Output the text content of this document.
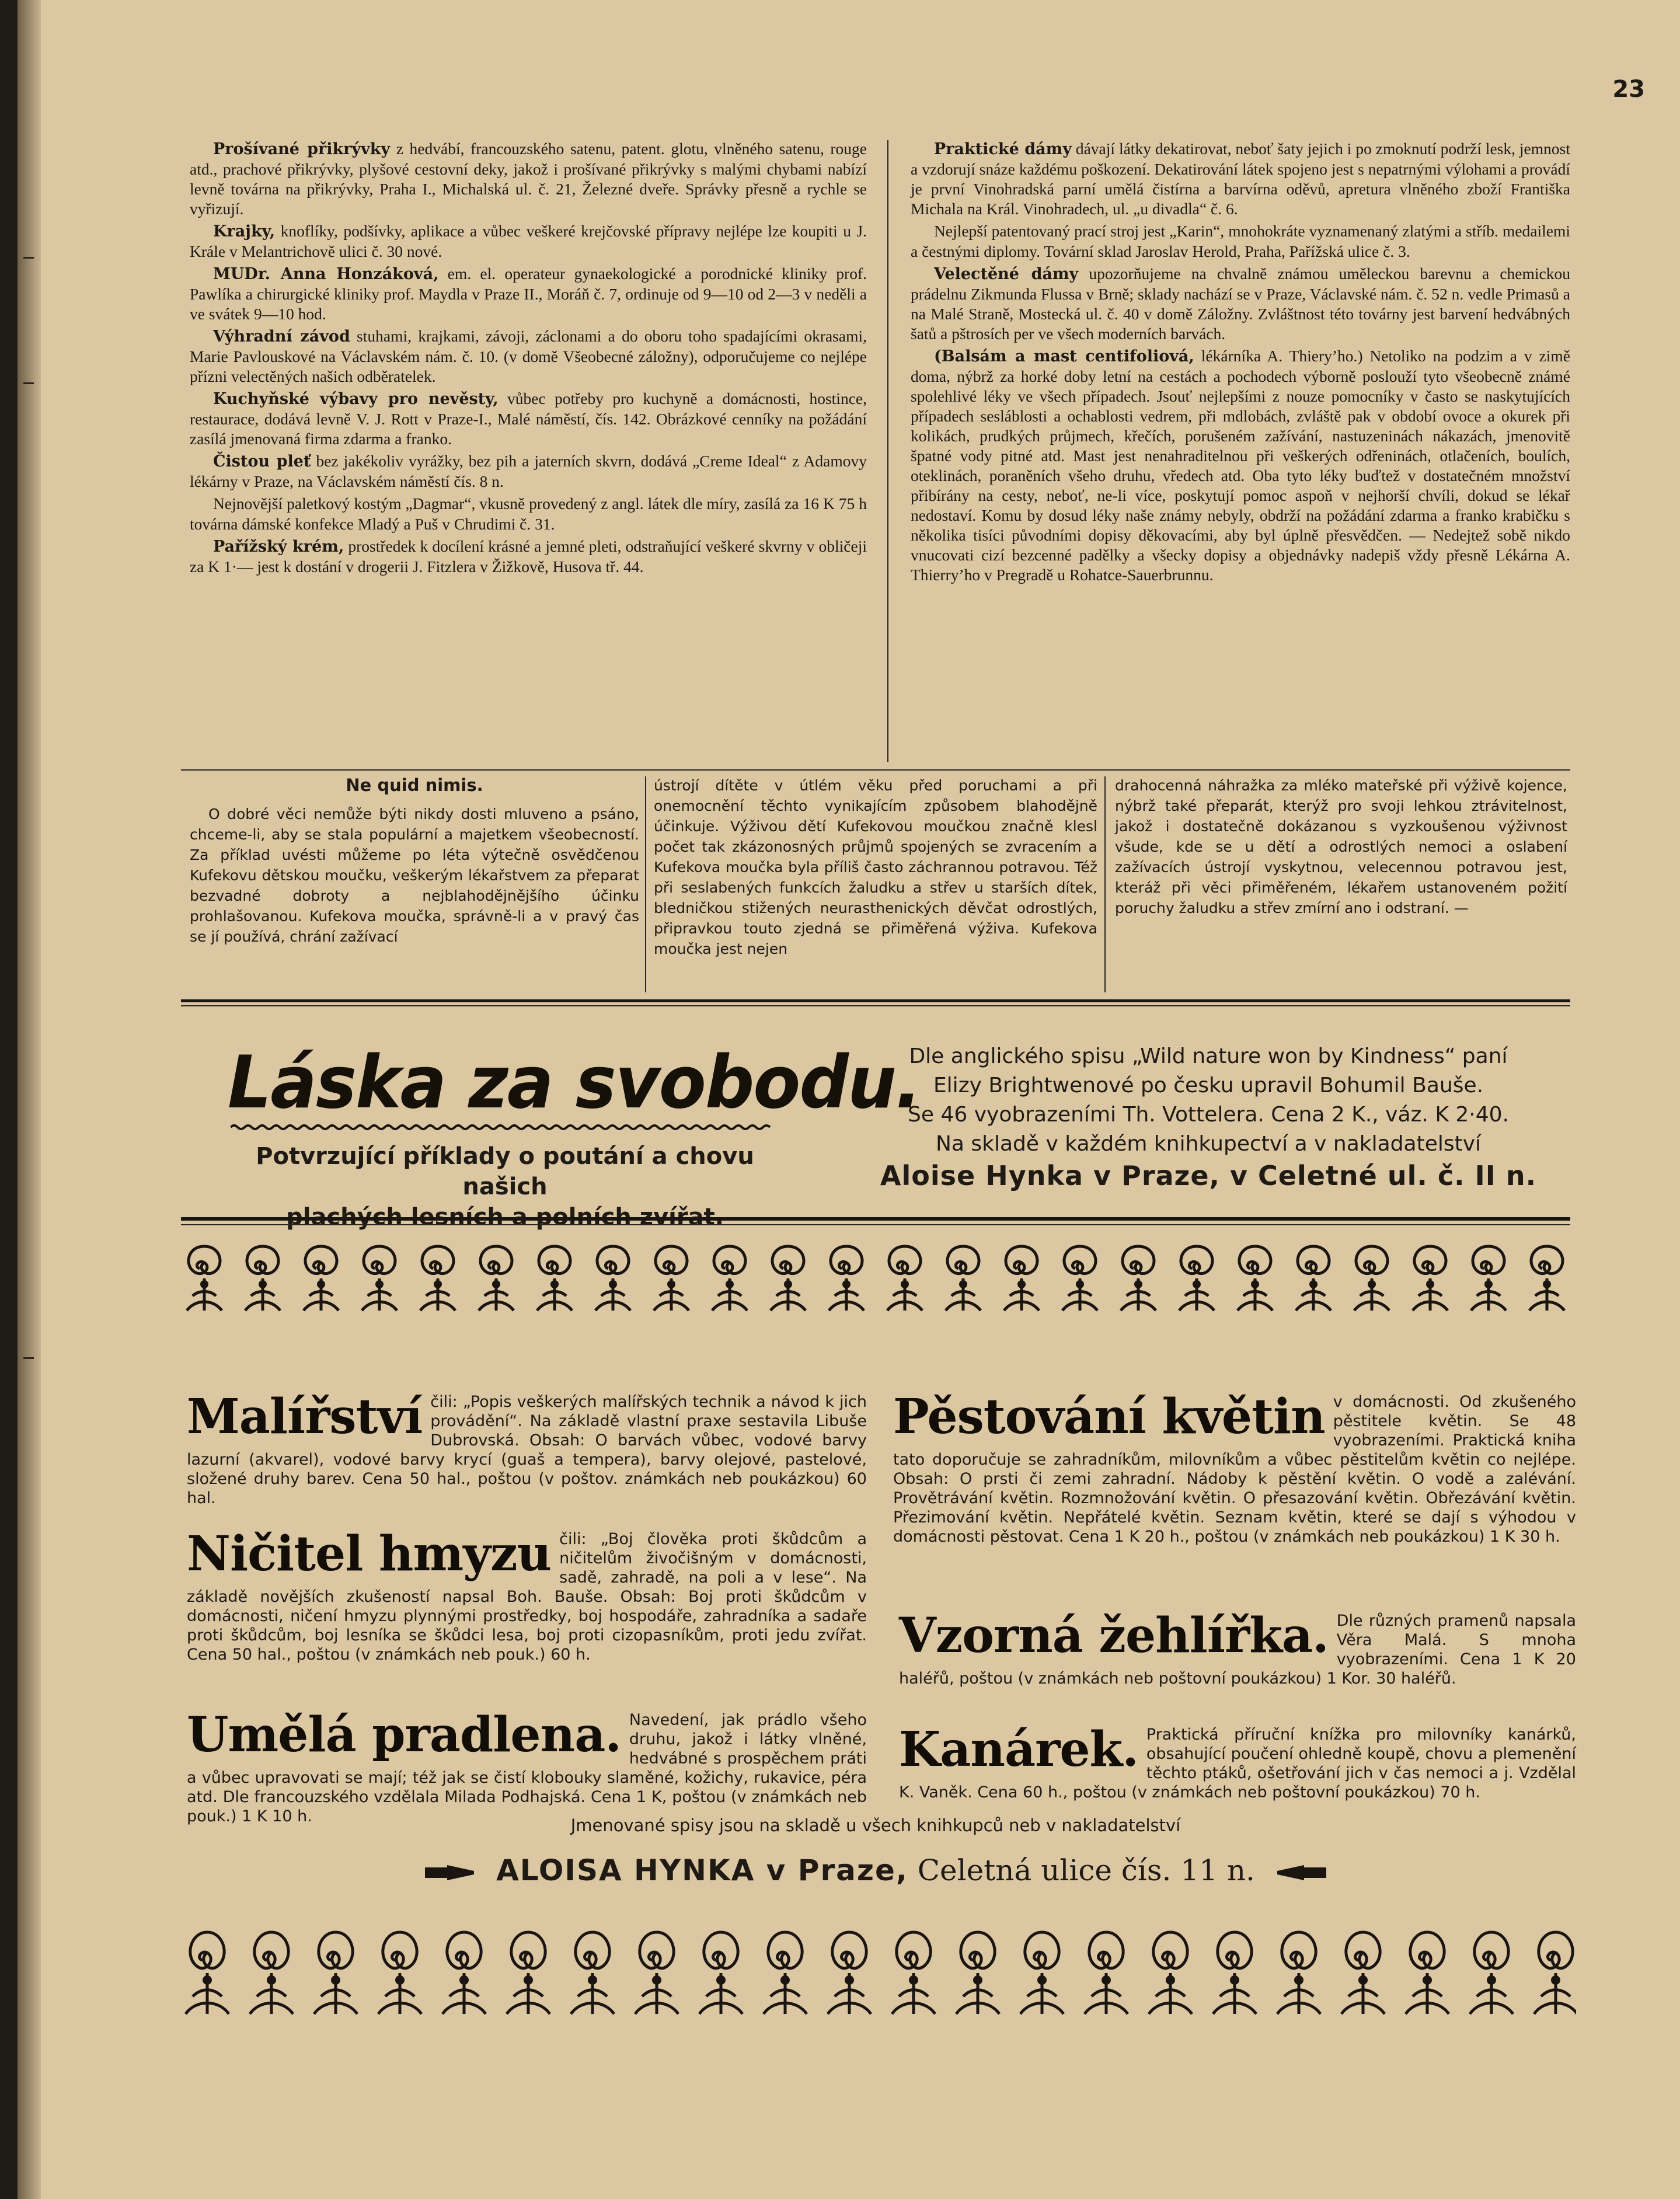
23

Prošívané přikrývky z hedvábí, francouzského satenu, patent. glotu, vlněného satenu, rouge atd., prachové přikrývky, plyšové cestovní deky, jakož i prošívané přikrývky s malými chybami nabízí levně továrna na přikrývky, Praha I., Michalská ul. č. 21, Železné dveře. Správky přesně a rychle se vyřizují.

Krajky, knoflíky, podšívky, aplikace a vůbec veškeré krejčovské přípravy nejlépe lze koupiti u J. Krále v Melantrichově ulici č. 30 nové.

MUDr. Anna Honzáková, em. el. operateur gynaekologické a porodnické kliniky prof. Pawlíka a chirurgické kliniky prof. Maydla v Praze II., Moráň č. 7, ordinuje od 9—10 od 2—3 v neděli a ve svátek 9—10 hod.

Výhradní závod stuhami, krajkami, závoji, záclonami a do oboru toho spadajícími okrasami, Marie Pavlouskové na Václavském nám. č. 10. (v domě Všeobecné záložny), odporučujeme co nejlépe přízni velectěných našich odběratelek.

Kuchyňské výbavy pro nevěsty, vůbec potřeby pro kuchyně a domácnosti, hostince, restaurace, dodává levně V. J. Rott v Praze-I., Malé náměstí, čís. 142. Obrázkové cenníky na požádání zasílá jmenovaná firma zdarma a franko.

Čistou pleť bez jakékoliv vyrážky, bez pih a jaterních skvrn, dodává „Creme Ideal“ z Adamovy lékárny v Praze, na Václavském náměstí čís. 8 n.

Nejnovější paletkový kostým „Dagmar“, vkusně provedený z angl. látek dle míry, zasílá za 16 K 75 h továrna dámské konfekce Mladý a Puš v Chrudimi č. 31.

Pařížský krém, prostředek k docílení krásné a jemné pleti, odstraňující veškeré skvrny v obličeji za K 1·— jest k dostání v drogerii J. Fitzlera v Žižkově, Husova tř. 44.

Praktické dámy dávají látky dekatirovat, neboť šaty jejich i po zmoknutí podrží lesk, jemnost a vzdorují snáze každému poškození. Dekatirování látek spojeno jest s nepatrnými výlohami a provádí je první Vinohradská parní umělá čistírna a barvírna oděvů, apretura vlněného zboží Františka Michala na Král. Vinohradech, ul. „u divadla“ č. 6.

Nejlepší patentovaný prací stroj jest „Karin“, mnohokráte vyznamenaný zlatými a stříb. medailemi a čestnými diplomy. Tovární sklad Jaroslav Herold, Praha, Pařížská ulice č. 3.

Velectěné dámy upozorňujeme na chvalně známou uměleckou barevnu a chemickou prádelnu Zikmunda Flussa v Brně; sklady nachází se v Praze, Václavské nám. č. 52 n. vedle Primasů a na Malé Straně, Mostecká ul. č. 40 v domě Záložny. Zvláštnost této továrny jest barvení hedvábných šatů a pštrosích per ve všech moderních barvách.

(Balsám a mast centifoliová, lékárníka A. Thiery’ho.) Netoliko na podzim a v zimě doma, nýbrž za horké doby letní na cestách a pochodech výborně poslouží tyto všeobecně známé spolehlivé léky ve všech případech. Jsouť nejlepšími z nouze pomocníky v často se naskytujících případech sesláblosti a ochablosti vedrem, při mdlobách, zvláště pak v období ovoce a okurek při kolikách, prudkých průjmech, křečích, porušeném zažívání, nastuzeninách nákazách, jmenovitě špatné vody pitné atd. Mast jest nenahraditelnou při veškerých odřeninách, otlačeních, boulích, oteklinách, poraněních všeho druhu, vředech atd. Oba tyto léky buďtež v dostatečném množství přibírány na cesty, neboť, ne-li více, poskytují pomoc aspoň v nejhorší chvíli, dokud se lékař nedostaví. Komu by dosud léky naše známy nebyly, obdrží na požádání zdarma a franko krabičku s několika tisíci původními dopisy děkovacími, aby byl úplně přesvědčen. — Nedejtež sobě nikdo vnucovati cizí bezcenné padělky a všecky dopisy a objednávky nadepiš vždy přesně Lékárna A. Thierry’ho v Pregradě u Rohatce-Sauerbrunnu.

Ne quid nimis.

O dobré věci nemůže býti nikdy dosti mluveno a psáno, chceme-li, aby se stala populární a majetkem všeobecností. Za příklad uvésti můžeme po léta výtečně osvědčenou Kufekovu dětskou moučku, veškerým lékařstvem za přeparat bezvadné dobroty a nejblahodějnějšího účinku prohlašovanou. Kufekova moučka, správně-li a v pravý čas se jí používá, chrání zažívací

ústrojí dítěte v útlém věku před poruchami a při onemocnění těchto vynikajícím způsobem blahodějně účinkuje. Výživou dětí Kufekovou moučkou značně klesl počet tak zkázonosných průjmů spojených se zvracením a Kufekova moučka byla příliš často záchrannou potravou. Též při seslabených funkcích žaludku a střev u starších dítek, bledničkou stižených neurasthenických děvčat odrostlých, připravkou touto zjedná se přiměřená výživa. Kufekova moučka jest nejen

drahocenná náhražka za mléko mateřské při výživě kojence, nýbrž také přeparát, kterýž pro svoji lehkou ztrávitelnost, jakož i dostatečně dokázanou s vyzkoušenou výživnost všude, kde se u dětí a odrostlých nemoci a oslabení zažívacích ústrojí vyskytnou, velecennou potravou jest, kteráž při věci přiměřeném, lékařem ustanoveném požití poruchy žaludku a střev zmírní ano i odstraní. —

Láska za svobodu.
Potvrzující příklady o poutání a chovu našich
Dle anglického spisu „Wild nature won by Kindness“ paní
Elizy Brightwenové po česku upravil Bohumil Bauše.
Se 46 vyobrazeními Th. Vottelera. Cena 2 K., váz. K 2·40.
Na skladě v každém knihkupectví a v nakladatelství
Aloise Hynka v Praze, v Celetné ul. č. II n.
Malířství čili: „Popis veškerých malířských technik a návod k jich provádění“. Na základě vlastní praxe sestavila Libuše Dubrovská. Obsah: O barvách vůbec, vodové barvy lazurní (akvarel), vodové barvy krycí (guaš a tempera), barvy olejové, pastelové, složené druhy barev. Cena 50 hal., poštou (v poštov. známkách neb poukázkou) 60 hal.
Ničitel hmyzu čili: „Boj člověka proti škůdcům a ničitelům živočišným v domácnosti, sadě, zahradě, na poli a v lese“. Na základě novějších zkušeností napsal Boh. Bauše. Obsah: Boj proti škůdcům v domácnosti, ničení hmyzu plynnými prostředky, boj hospodáře, zahradníka a sadaře proti škůdcům, boj lesníka se škůdci lesa, boj proti cizopasníkům, proti jedu zvířat. Cena 50 hal., poštou (v známkách neb pouk.) 60 h.
Umělá pradlena. Navedení, jak prádlo všeho druhu, jakož i látky vlněné, hedvábné s prospěchem práti a vůbec upravovati se mají; též jak se čistí klobouky slaměné, kožichy, rukavice, péra atd. Dle francouzského vzdělala Milada Podhajská. Cena 1 K, poštou (v známkách neb pouk.) 1 K 10 h.
Pěstování květin v domácnosti. Od zkušeného pěstitele květin. Se 48 vyobrazeními. Praktická kniha tato doporučuje se zahradníkům, milovníkům a vůbec pěstitelům květin co nejlépe. Obsah: O prsti či zemi zahradní. Nádoby k pěstění květin. O vodě a zalévání. Provětrávání květin. Rozmnožování květin. O přesazování květin. Obřezávání květin. Přezimování květin. Nepřátelé květin. Seznam květin, které se dají s výhodou v domácnosti pěstovat. Cena 1 K 20 h., poštou (v známkách neb poukázkou) 1 K 30 h.
Vzorná žehlířka. Dle různých pramenů napsala Věra Malá. S mnoha vyobrazeními. Cena 1 K 20 haléřů, poštou (v známkách neb poštovní poukázkou) 1 Kor. 30 haléřů.
Kanárek. Praktická příruční knížka pro milovníky kanárků, obsahující poučení ohledně koupě, chovu a plemenění těchto ptáků, ošetřování jich v čas nemoci a j. Vzdělal K. Vaněk. Cena 60 h., poštou (v známkách neb poštovní poukázkou) 70 h.
Jmenované spisy jsou na skladě u všech knihkupců neb v nakladatelství
ALOISA HYNKA v Praze, Celetná ulice čís. 11 n.
